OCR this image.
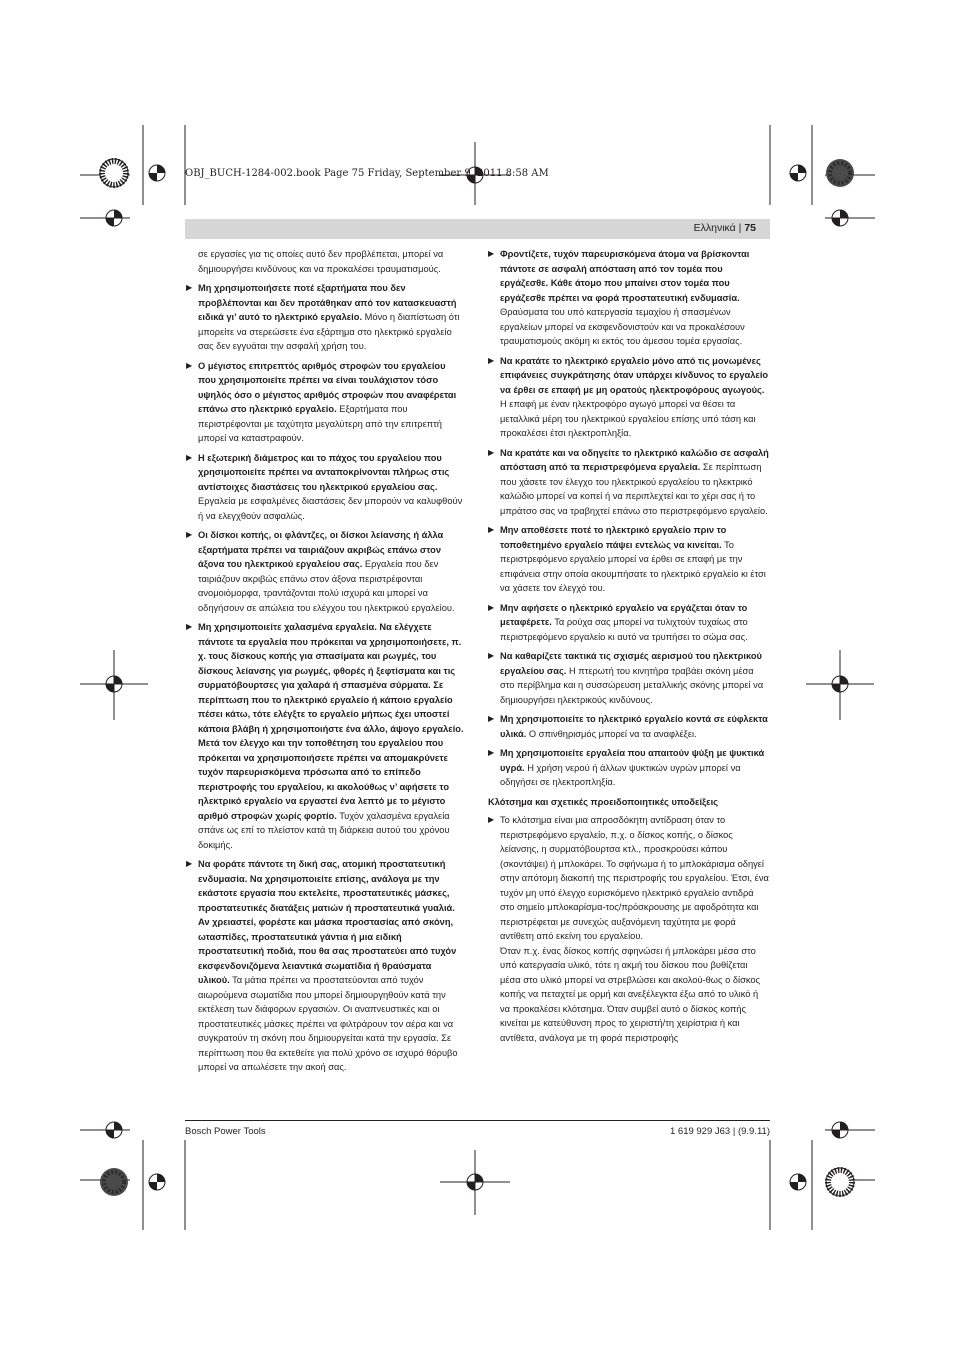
OBJ_BUCH-1284-002.book Page 75 Friday, September 9, 2011 8:58 AM
Ελληνικά | 75

σε εργασίες για τις οποίες αυτό δεν προβλέπεται, μπορεί να δημιουργήσει κινδύνους και να προκαλέσει τραυματισμούς.

▶ Μη χρησιμοποιήσετε ποτέ εξαρτήματα που δεν προβλέπονται και δεν προτάθηκαν από τον κατασκευαστή ειδικά γι’ αυτό το ηλεκτρικό εργαλείο. Μόνο η διαπίστωση ότι μπορείτε να στερεώσετε ένα εξάρτημα στο ηλεκτρικό εργαλείο σας δεν εγγυάται την ασφαλή χρήση του.
▶ Ο μέγιστος επιτρεπτός αριθμός στροφών του εργαλείου που χρησιμοποιείτε πρέπει να είναι τουλάχιστον τόσο υψηλός όσο ο μέγιστος αριθμός στροφών που αναφέρεται επάνω στο ηλεκτρικό εργαλείο. Εξαρτήματα που περιστρέφονται με ταχύτητα μεγαλύτερη από την επιτρεπτή μπορεί να καταστραφούν.
▶ Η εξωτερική διάμετρος και το πάχος του εργαλείου που χρησιμοποιείτε πρέπει να ανταποκρίνονται πλήρως στις αντίστοιχες διαστάσεις του ηλεκτρικού εργαλείου σας. Εργαλεία με εσφαλμένες διαστάσεις δεν μπορούν να καλυφθούν ή να ελεγχθούν ασφαλώς.
▶ Οι δίσκοι κοπής, οι φλάντζες, οι δίσκοι λείανσης ή άλλα εξαρτήματα πρέπει να ταιριάζουν ακριβώς επάνω στον άξονα του ηλεκτρικού εργαλείου σας. Εργαλεία που δεν ταιριάζουν ακριβώς επάνω στον άξονα περιστρέφονται ανομοιόμορφα, τραντάζονται πολύ ισχυρά και μπορεί να οδηγήσουν σε απώλεια του ελέγχου του ηλεκτρικού εργαλείου.
▶ Μη χρησιμοποιείτε χαλασμένα εργαλεία. Να ελέγχετε πάντοτε τα εργαλεία που πρόκειται να χρησιμοποιήσετε, π. χ. τους δίσκους κοπής για σπασίματα και ρωγμές, του δίσκους λείανσης για ρωγμές, φθορές ή ξεφτίσματα και τις συρματόβουρτσες για χαλαρά ή σπασμένα σύρματα. Σε περίπτωση που το ηλεκτρικό εργαλείο ή κάποιο εργαλείο πέσει κάτω, τότε ελέγξτε το εργαλείο μήπως έχει υποστεί κάποια βλάβη ή χρησιμοποιήστε ένα άλλο, άψογο εργαλείο. Μετά τον έλεγχο και την τοποθέτηση του εργαλείου που πρόκειται να χρησιμοποιήσετε πρέπει να απομακρύνετε τυχόν παρευρισκόμενα πρόσωπα από το επίπεδο περιστροφής του εργαλείου, κι ακολούθως ν’ αφήσετε το ηλεκτρικό εργαλείο να εργαστεί ένα λεπτό με το μέγιστο αριθμό στροφών χωρίς φορτίο. Τυχόν χαλασμένα εργαλεία σπάνε ως επί το πλείστον κατά τη διάρκεια αυτού του χρόνου δοκιμής.
▶ Να φοράτε πάντοτε τη δική σας, ατομική προστατευτική ενδυμασία. Να χρησιμοποιείτε επίσης, ανάλογα με την εκάστοτε εργασία που εκτελείτε, προστατευτικές μάσκες, προστατευτικές διατάξεις ματιών ή προστατευτικά γυαλιά. Αν χρειαστεί, φορέστε και μάσκα προστασίας από σκόνη, ωτασπίδες, προστατευτικά γάντια ή μια ειδική προστατευτική ποδιά, που θα σας προστατεύει από τυχόν εκσφενδονιζόμενα λειαντικά σωματίδια ή θραύσματα υλικού. Τα μάτια πρέπει να προστατεύονται από τυχόν αιωρούμενα σωματίδια που μπορεί δημιουργηθούν κατά την εκτέλεση των διάφορων εργασιών. Οι αναπνευστικές και οι προστατευτικές μάσκες πρέπει να φιλτράρουν τον αέρα και να συγκρατούν τη σκόνη που δημιουργείται κατά την εργασία. Σε περίπτωση που θα εκτεθείτε για πολύ χρόνο σε ισχυρό θόρυβο μπορεί να απωλέσετε την ακοή σας.
▶ Φροντίζετε, τυχόν παρευρισκόμενα άτομα να βρίσκονται πάντοτε σε ασφαλή απόσταση από τον τομέα που εργάζεσθε. Κάθε άτομο που μπαίνει στον τομέα που εργάζεσθε πρέπει να φορά προστατευτική ενδυμασία. Θραύσματα του υπό κατεργασία τεμαχίου ή σπασμένων εργαλείων μπορεί να εκσφενδονιστούν και να προκαλέσουν τραυματισμούς ακόμη κι εκτός του άμεσου τομέα εργασίας.
▶ Να κρατάτε το ηλεκτρικό εργαλείο μόνο από τις μονωμένες επιφάνειες συγκράτησης όταν υπάρχει κίνδυνος το εργαλείο να έρθει σε επαφή με μη ορατούς ηλεκτροφόρους αγωγούς. Η επαφή με έναν ηλεκτροφόρο αγωγό μπορεί να θέσει τα μεταλλικά μέρη του ηλεκτρικού εργαλείου επίσης υπό τάση και προκαλέσει έτσι ηλεκτροπληξία.
▶ Να κρατάτε και να οδηγείτε το ηλεκτρικό καλώδιο σε ασφαλή απόσταση από τα περιστρεφόμενα εργαλεία. Σε περίπτωση που χάσετε τον έλεγχο του ηλεκτρικού εργαλείου το ηλεκτρικό καλώδιο μπορεί να κοπεί ή να περιπλεχτεί και το χέρι σας ή το μπράτσο σας να τραβηχτεί επάνω στο περιστρεφόμενο εργαλείο.
▶ Μην αποθέσετε ποτέ το ηλεκτρικό εργαλείο πριν το τοποθετημένο εργαλείο πάψει εντελώς να κινείται. Το περιστρεφόμενο εργαλείο μπορεί να έρθει σε επαφή με την επιφάνεια στην οποία ακουμπήσατε το ηλεκτρικό εργαλείο κι έτσι να χάσετε τον έλεγχό του.
▶ Μην αφήσετε ο ηλεκτρικό εργαλείο να εργάζεται όταν το μεταφέρετε. Τα ρούχα σας μπορεί να τυλιχτούν τυχαίως στο περιστρεφόμενο εργαλείο κι αυτό να τρυπήσει το σώμα σας.
▶ Να καθαρίζετε τακτικά τις σχισμές αερισμού του ηλεκτρικού εργαλείου σας. Η πτερωτή του κινητήρα τραβάει σκόνη μέσα στο περίβλημα και η συσσώρευση μεταλλικής σκόνης μπορεί να δημιουργήσει ηλεκτρικούς κινδύνους.
▶ Μη χρησιμοποιείτε το ηλεκτρικό εργαλείο κοντά σε εύφλεκτα υλικά. Ο σπινθηρισμός μπορεί να τα αναφλέξει.
▶ Μη χρησιμοποιείτε εργαλεία που απαιτούν ψύξη με ψυκτικά υγρά. Η χρήση νερού ή άλλων ψυκτικών υγρών μπορεί να οδηγήσει σε ηλεκτροπληξία.
Κλότσημα και σχετικές προειδοποιητικές υποδείξεις
▶ Το κλότσημα είναι μια απροσδόκητη αντίδραση όταν το περιστρεφόμενο εργαλείο, π.χ. ο δίσκος κοπής, ο δίσκος λείανσης, η συρματόβουρτσα κτλ., προσκρούσει κάπου (σκοντάψει) ή μπλοκάρει. Το σφήνωμα ή το μπλοκάρισμα οδηγεί στην απότομη διακοπή της περιστροφής του εργαλείου. Έτσι, ένα τυχόν μη υπό έλεγχο ευρισκόμενο ηλεκτρικό εργαλείο αντιδρά στο σημείο μπλοκαρίσμα-τος/πρόσκρουσης με αφοδρότητα και περιστρέφεται με συνεχώς αυξανόμενη ταχύτητα με φορά αντίθετη από εκείνη του εργαλείου.

Όταν π.χ. ένας δίσκος κοπής σφηνώσει ή μπλοκάρει μέσα στο υπό κατεργασία υλικό, τότε η ακμή του δίσκου που βυθίζεται μέσα στο υλικό μπορεί να στρεβλώσει και ακολού-θως ο δίσκος κοπής να πεταχτεί με ορμή και ανεξέλεγκτα έξω από το υλικό ή να προκαλέσει κλότσημα. Όταν συμβεί αυτό ο δίσκος κοπής κινείται με κατεύθυνση προς το χειριστή/τη χειρίστρια ή και αντίθετα, ανάλογα με τη φορά περιστροφής

Bosch Power Tools	1 619 929 J63 | (9.9.11)
